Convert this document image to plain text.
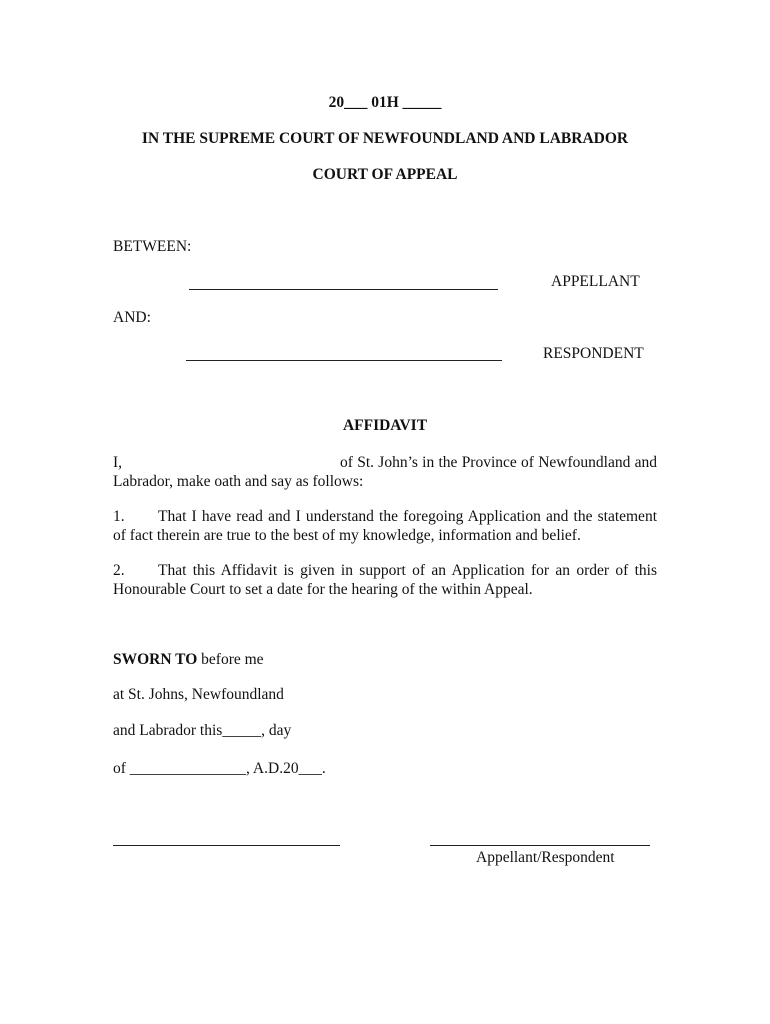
20___ 01H _____
IN THE SUPREME COURT OF NEWFOUNDLAND AND LABRADOR
COURT OF APPEAL
BETWEEN:
APPELLANT
AND:
RESPONDENT
AFFIDAVIT
I,	of St. John’s in the Province of Newfoundland and Labrador, make oath and say as follows:
1. That I have read and I understand the foregoing Application and the statement of fact therein are true to the best of my knowledge, information and belief.
2. That this Affidavit is given in support of an Application for an order of this Honourable Court to set a date for the hearing of the within Appeal.
SWORN TO before me
at St. Johns, Newfoundland
and Labrador this_____, day
of _______________, A.D.20___.
Appellant/Respondent
